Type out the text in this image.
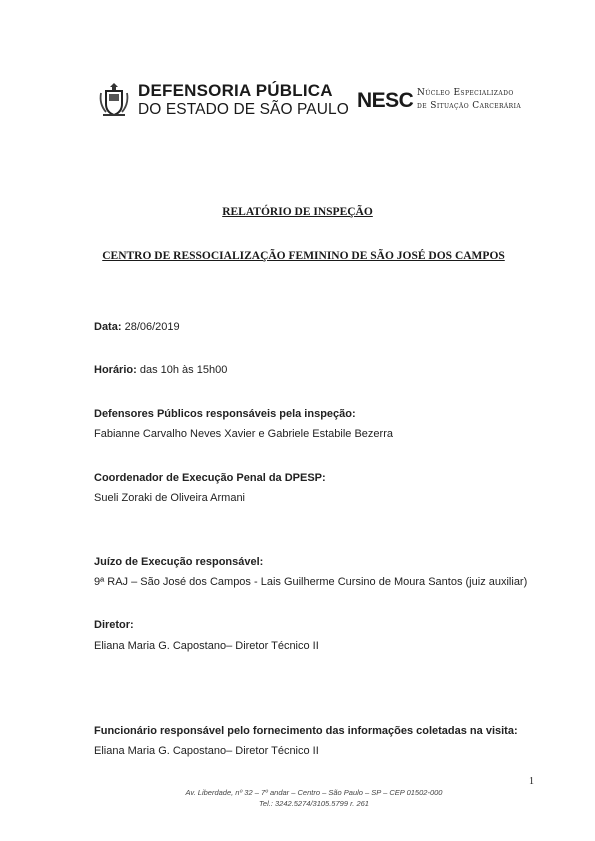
DEFENSORIA PÚBLICA
DO ESTADO DE SÃO PAULO NESC Núcleo Especializado
de Situação Carcerária
RELATÓRIO DE INSPEÇÃO
CENTRO DE RESSOCIALIZAÇÃO FEMININO DE SÃO JOSÉ DOS CAMPOS
Data: 28/06/2019
Horário: das 10h às 15h00
Defensores Públicos responsáveis pela inspeção:
Fabianne Carvalho Neves Xavier e Gabriele Estabile Bezerra
Coordenador de Execução Penal da DPESP:
Sueli Zoraki de Oliveira Armani
Juízo de Execução responsável:
9ª RAJ – São José dos Campos - Lais Guilherme Cursino de Moura Santos (juiz auxiliar)
Diretor:
Eliana Maria G. Capostano– Diretor Técnico II
Funcionário responsável pelo fornecimento das informações coletadas na visita:
Eliana Maria G. Capostano– Diretor Técnico II
1
Av. Liberdade, nº 32 – 7º andar – Centro – São Paulo – SP – CEP 01502-000
Tel.: 3242.5274/3105.5799 r. 261
